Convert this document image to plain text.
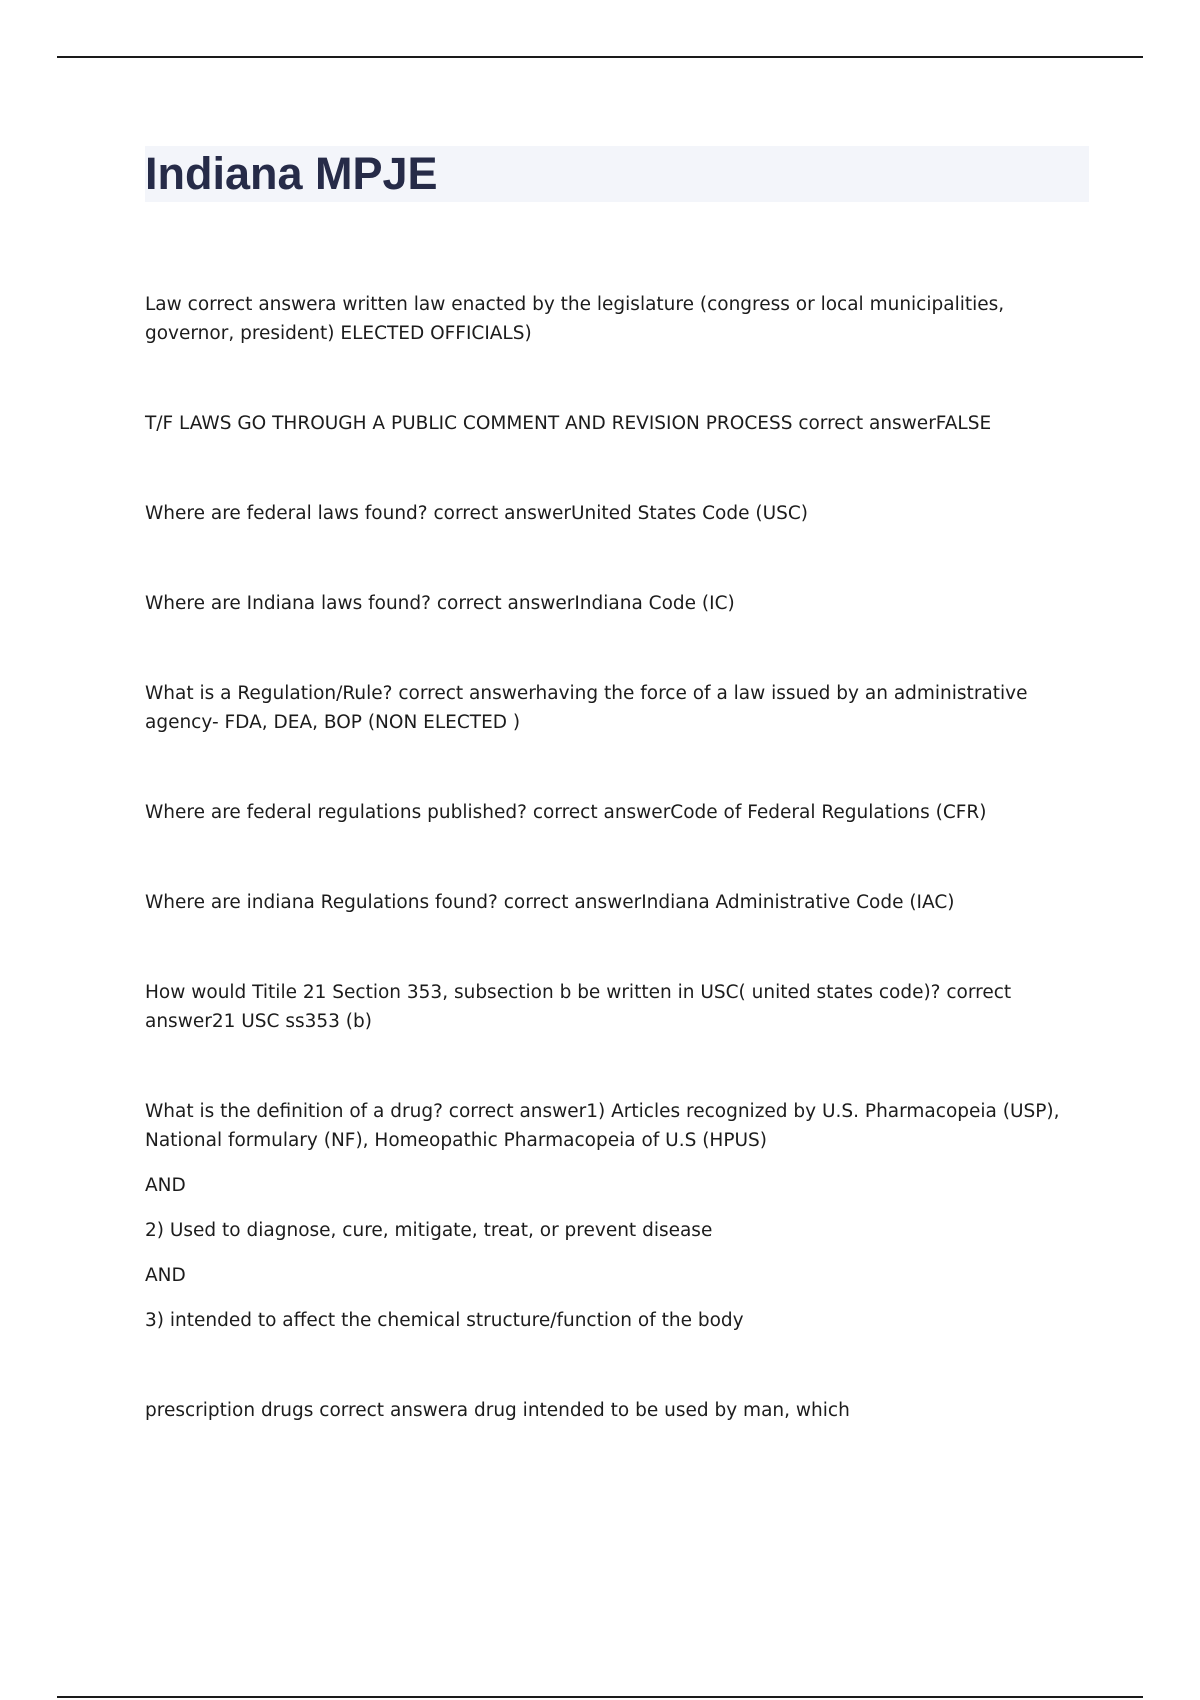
Indiana MPJE

Law correct answera written law enacted by the legislature (congress or local municipalities, governor, president) ELECTED OFFICIALS)

T/F LAWS GO THROUGH A PUBLIC COMMENT AND REVISION PROCESS correct answerFALSE

Where are federal laws found? correct answerUnited States Code (USC)

Where are Indiana laws found? correct answerIndiana Code (IC)

What is a Regulation/Rule? correct answerhaving the force of a law issued by an administrative agency- FDA, DEA, BOP (NON ELECTED )

Where are federal regulations published? correct answerCode of Federal Regulations (CFR)

Where are indiana Regulations found? correct answerIndiana Administrative Code (IAC)

How would Titile 21 Section 353, subsection b be written in USC( united states code)? correct answer21 USC ss353 (b)

What is the definition of a drug? correct answer1) Articles recognized by U.S. Pharmacopeia (USP), National formulary (NF), Homeopathic Pharmacopeia of U.S (HPUS)

AND

2) Used to diagnose, cure, mitigate, treat, or prevent disease

AND

3) intended to affect the chemical structure/function of the body

prescription drugs correct answera drug intended to be used by man, which
